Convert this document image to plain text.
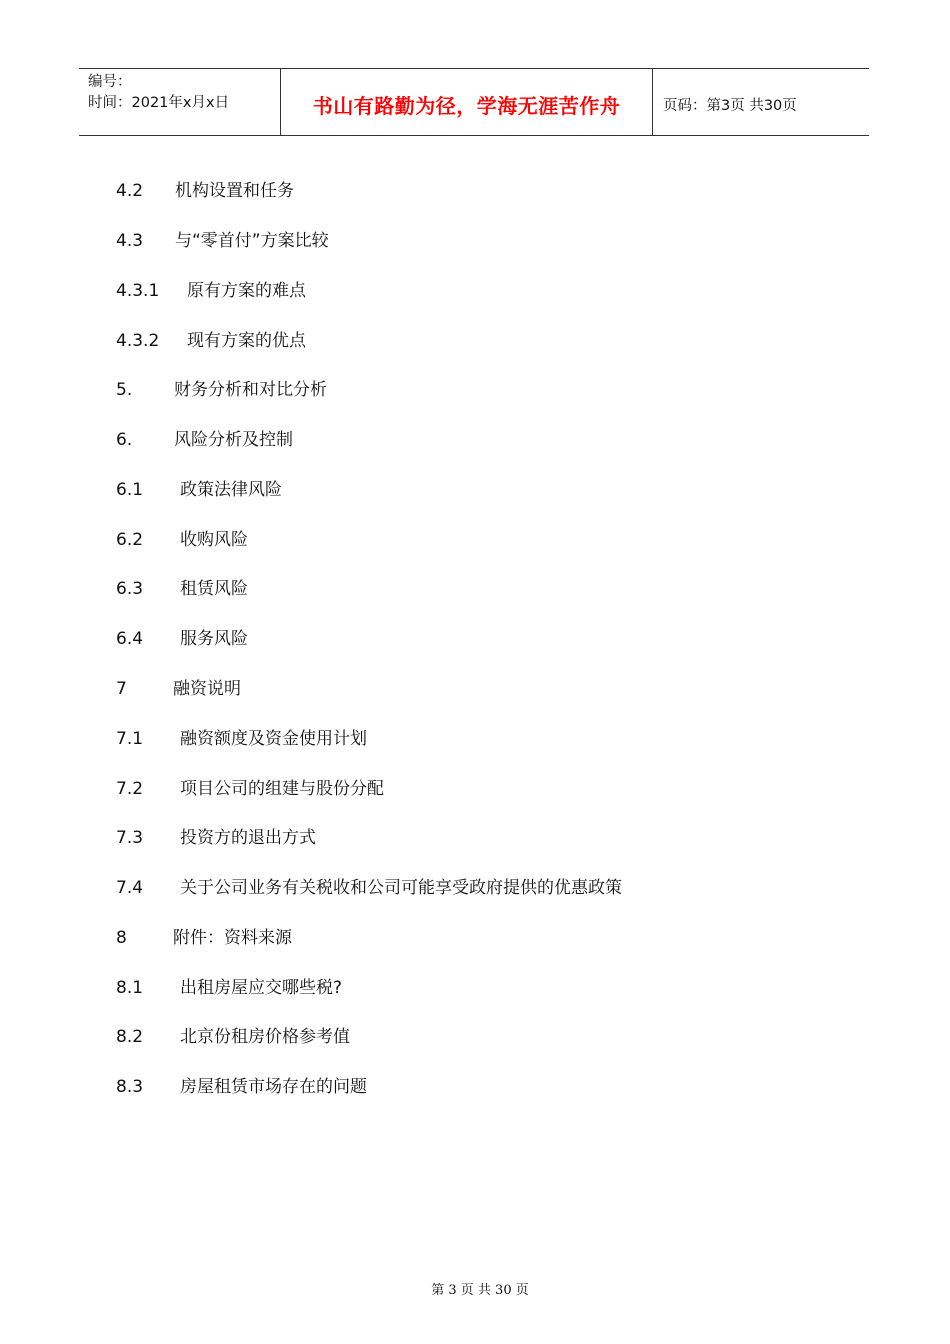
编号：
时间：2021年x月x日	书山有路勤为径，学海无涯苦作舟	页码：第3页 共30页
4.2 机构设置和任务
4.3 与“零首付”方案比较
4.3.1 原有方案的难点
4.3.2 现有方案的优点
5. 财务分析和对比分析
6. 风险分析及控制
6.1 政策法律风险
6.2 收购风险
6.3 租赁风险
6.4 服务风险
7	融资说明
7.1 融资额度及资金使用计划
7.2 项目公司的组建与股份分配
7.3 投资方的退出方式
7.4 关于公司业务有关税收和公司可能享受政府提供的优惠政策
8	附件：资料来源
8.1 出租房屋应交哪些税?
8.2 北京份租房价格参考值
8.3 房屋租赁市场存在的问题
第 3 页 共 30 页
